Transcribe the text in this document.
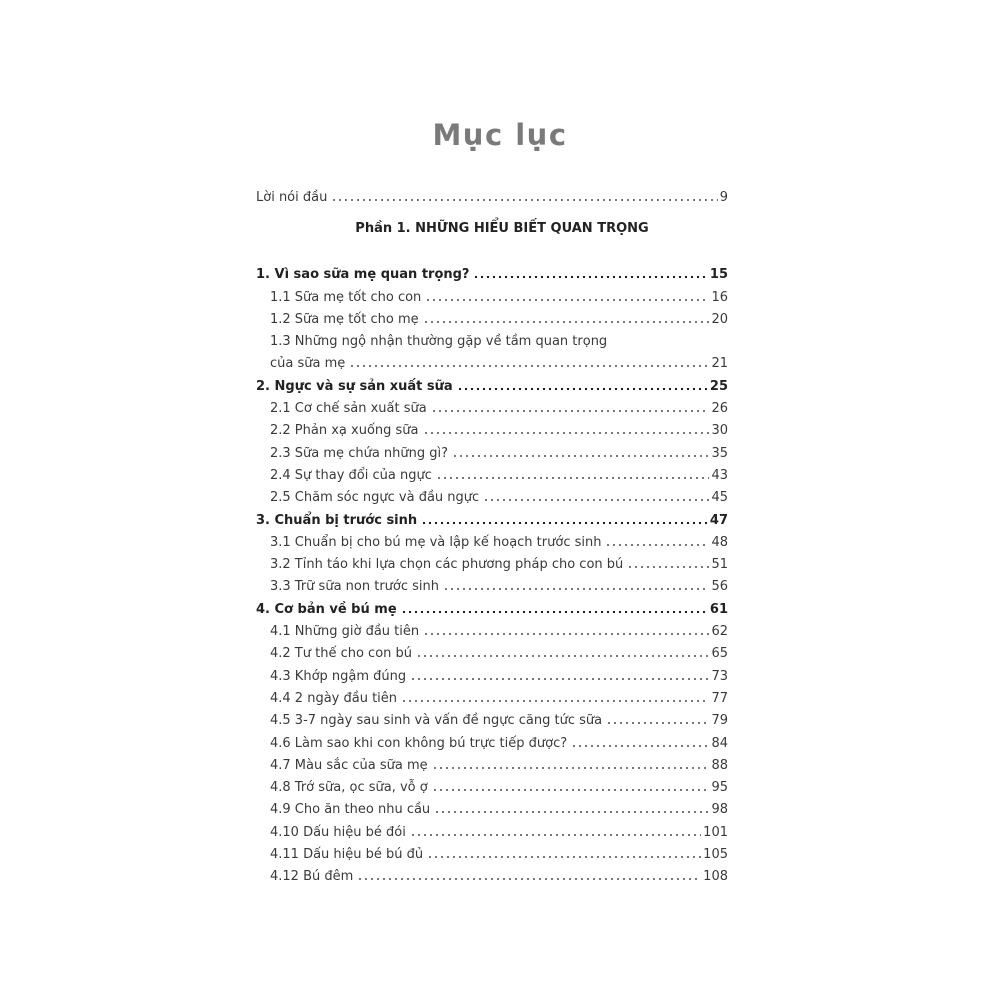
Mục lục
Lời nói đầu	9
Phần 1. NHỮNG HIỂU BIẾT QUAN TRỌNG
1. Vì sao sữa mẹ quan trọng?	15
1.1 Sữa mẹ tốt cho con	16
1.2 Sữa mẹ tốt cho mẹ	20
1.3 Những ngộ nhận thường gặp về tầm quan trọng
của sữa mẹ	21
2. Ngực và sự sản xuất sữa	25
2.1 Cơ chế sản xuất sữa	26
2.2 Phản xạ xuống sữa	30
2.3 Sữa mẹ chứa những gì?	35
2.4 Sự thay đổi của ngực	43
2.5 Chăm sóc ngực và đầu ngực	45
3. Chuẩn bị trước sinh	47
3.1 Chuẩn bị cho bú mẹ và lập kế hoạch trước sinh	48
3.2 Tỉnh táo khi lựa chọn các phương pháp cho con bú	51
3.3 Trữ sữa non trước sinh	56
4. Cơ bản về bú mẹ	61
4.1 Những giờ đầu tiên	62
4.2 Tư thế cho con bú	65
4.3 Khớp ngậm đúng	73
4.4 2 ngày đầu tiên	77
4.5 3-7 ngày sau sinh và vấn đề ngực căng tức sữa	79
4.6 Làm sao khi con không bú trực tiếp được?	84
4.7 Màu sắc của sữa mẹ	88
4.8 Trớ sữa, ọc sữa, vỗ ợ	95
4.9 Cho ăn theo nhu cầu	98
4.10 Dấu hiệu bé đói	101
4.11 Dấu hiệu bé bú đủ	105
4.12 Bú đêm	108
